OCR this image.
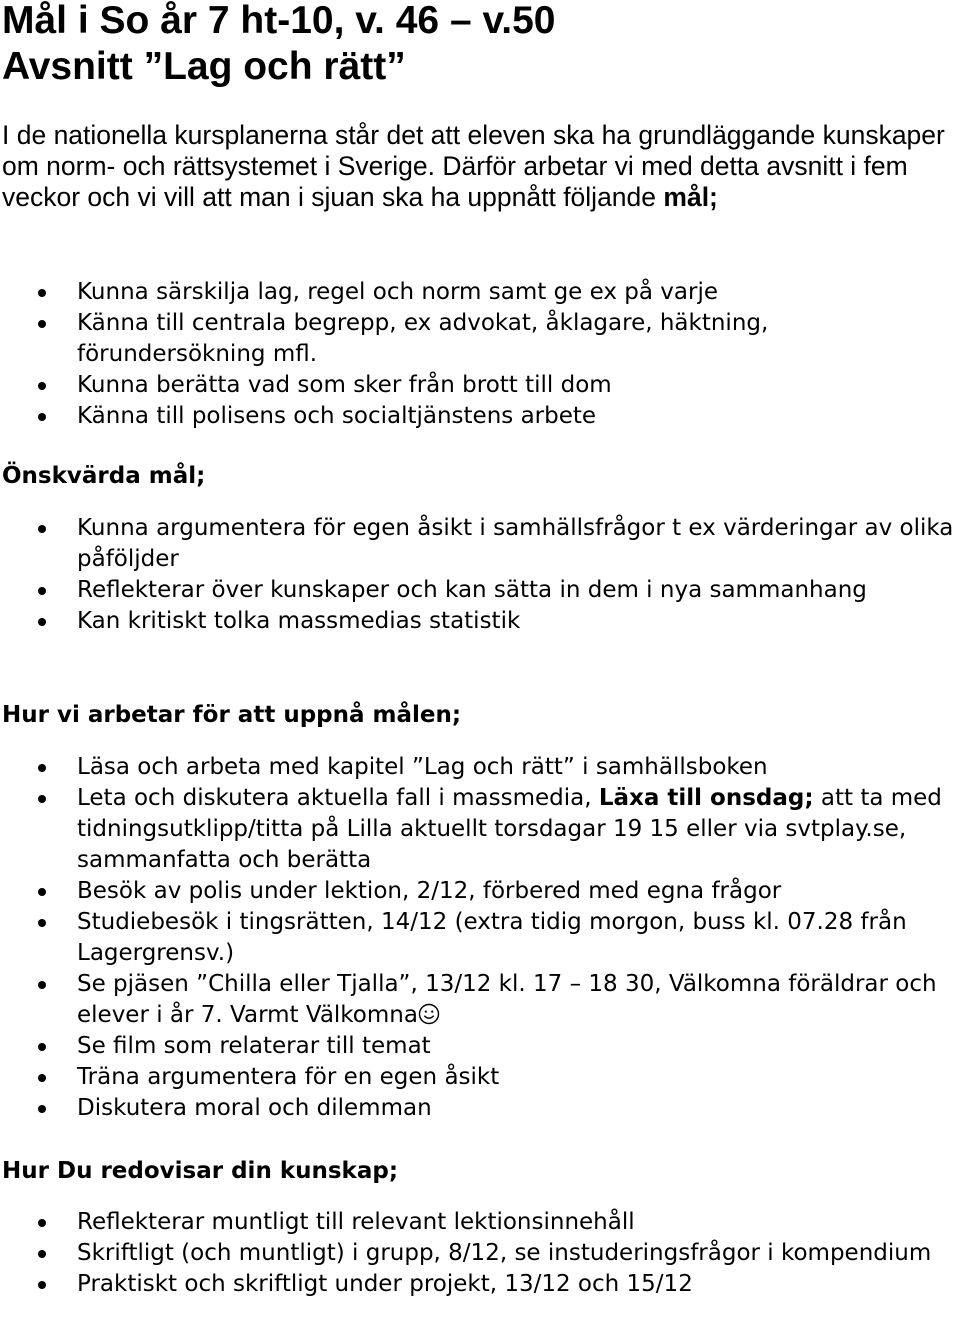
Mål i So år 7 ht-10, v. 46 – v.50
Avsnitt ”Lag och rätt”

I de nationella kursplanerna står det att eleven ska ha grundläggande kunskaper om norm- och rättsystemet i Sverige. Därför arbetar vi med detta avsnitt i fem veckor och vi vill att man i sjuan ska ha uppnått följande mål;

Kunna särskilja lag, regel och norm samt ge ex på varje
Känna till centrala begrepp, ex advokat, åklagare, häktning, förundersökning mfl.
Kunna berätta vad som sker från brott till dom
Känna till polisens och socialtjänstens arbete
Önskvärda mål;
Kunna argumentera för egen åsikt i samhällsfrågor t ex värderingar av olika påföljder
Reflekterar över kunskaper och kan sätta in dem i nya sammanhang
Kan kritiskt tolka massmedias statistik
Hur vi arbetar för att uppnå målen;
Läsa och arbeta med kapitel ”Lag och rätt” i samhällsboken
Leta och diskutera aktuella fall i massmedia, Läxa till onsdag; att ta med tidningsutklipp/titta på Lilla aktuellt torsdagar 19 15 eller via svtplay.se, sammanfatta och berätta
Besök av polis under lektion, 2/12, förbered med egna frågor
Studiebesök i tingsrätten, 14/12 (extra tidig morgon, buss kl. 07.28 från Lagergrensv.)
Se pjäsen ”Chilla eller Tjalla”, 13/12 kl. 17 – 18 30, Välkomna föräldrar och elever i år 7. Varmt Välkomna
Se film som relaterar till temat
Träna argumentera för en egen åsikt
Diskutera moral och dilemman
Hur Du redovisar din kunskap;
Reflekterar muntligt till relevant lektionsinnehåll
Skriftligt (och muntligt) i grupp, 8/12, se instuderingsfrågor i kompendium
Praktiskt och skriftligt under projekt, 13/12 och 15/12
